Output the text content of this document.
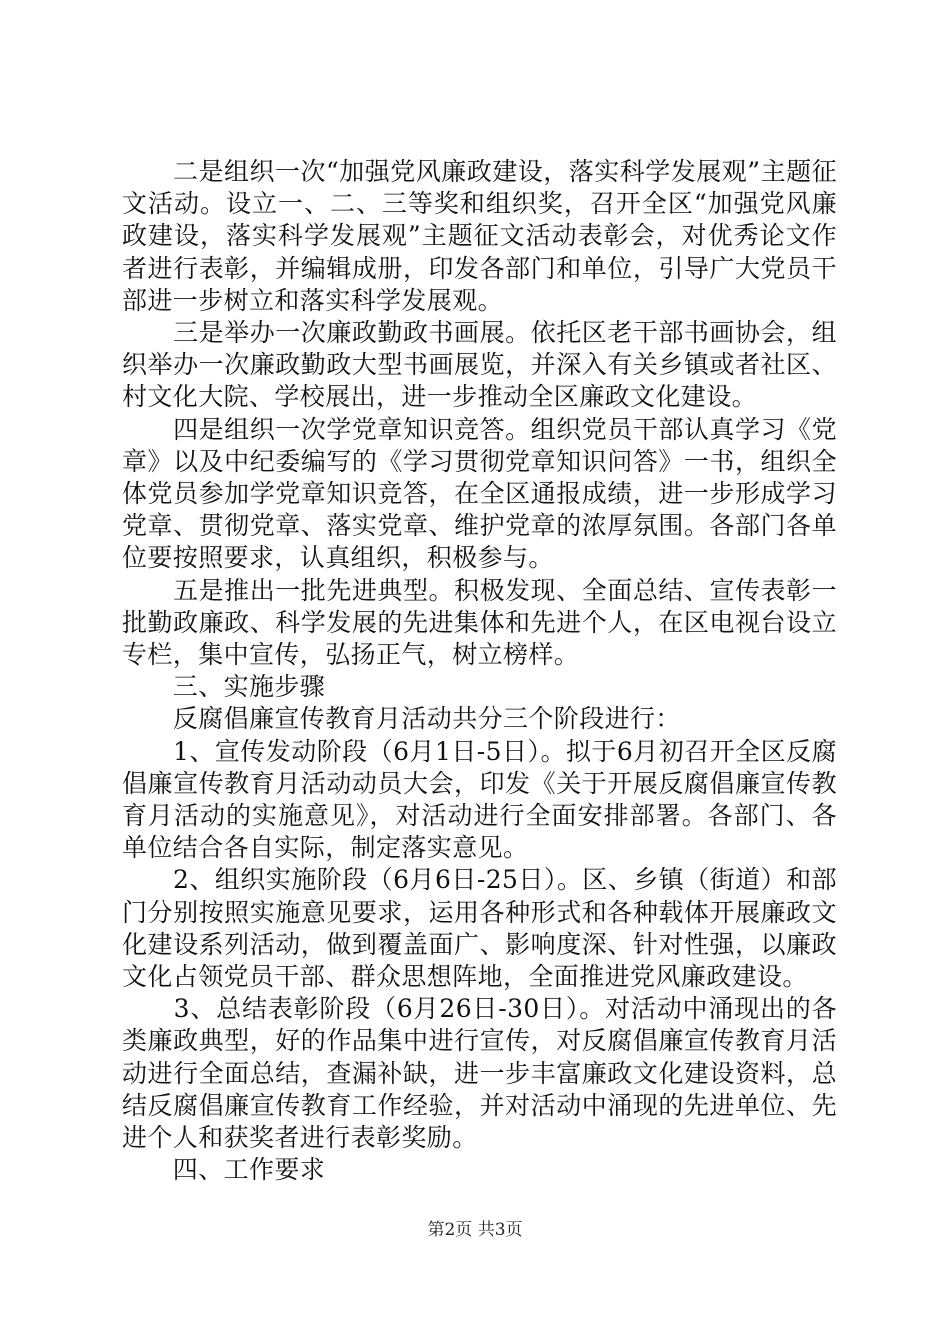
　　二是组织一次“加强党风廉政建设，落实科学发展观”主题征文活动。设立一、二、三等奖和组织奖，召开全区“加强党风廉政建设，落实科学发展观”主题征文活动表彰会，对优秀论文作者进行表彰，并编辑成册，印发各部门和单位，引导广大党员干部进一步树立和落实科学发展观。

　　三是举办一次廉政勤政书画展。依托区老干部书画协会，组织举办一次廉政勤政大型书画展览，并深入有关乡镇或者社区、村文化大院、学校展出，进一步推动全区廉政文化建设。

　　四是组织一次学党章知识竞答。组织党员干部认真学习《党章》以及中纪委编写的《学习贯彻党章知识问答》一书，组织全体党员参加学党章知识竞答，在全区通报成绩，进一步形成学习党章、贯彻党章、落实党章、维护党章的浓厚氛围。各部门各单位要按照要求，认真组织，积极参与。

　　五是推出一批先进典型。积极发现、全面总结、宣传表彰一批勤政廉政、科学发展的先进集体和先进个人，在区电视台设立专栏，集中宣传，弘扬正气，树立榜样。

　　三、实施步骤

　　反腐倡廉宣传教育月活动共分三个阶段进行：

　　1、宣传发动阶段（6月1日-5日）。拟于6月初召开全区反腐倡廉宣传教育月活动动员大会，印发《关于开展反腐倡廉宣传教育月活动的实施意见》，对活动进行全面安排部署。各部门、各单位结合各自实际，制定落实意见。

　　2、组织实施阶段（6月6日-25日）。区、乡镇（街道）和部门分别按照实施意见要求，运用各种形式和各种载体开展廉政文化建设系列活动，做到覆盖面广、影响度深、针对性强，以廉政文化占领党员干部、群众思想阵地，全面推进党风廉政建设。

　　3、总结表彰阶段（6月26日-30日）。对活动中涌现出的各类廉政典型，好的作品集中进行宣传，对反腐倡廉宣传教育月活动进行全面总结，查漏补缺，进一步丰富廉政文化建设资料，总结反腐倡廉宣传教育工作经验，并对活动中涌现的先进单位、先进个人和获奖者进行表彰奖励。

　　四、工作要求

第2页 共3页
